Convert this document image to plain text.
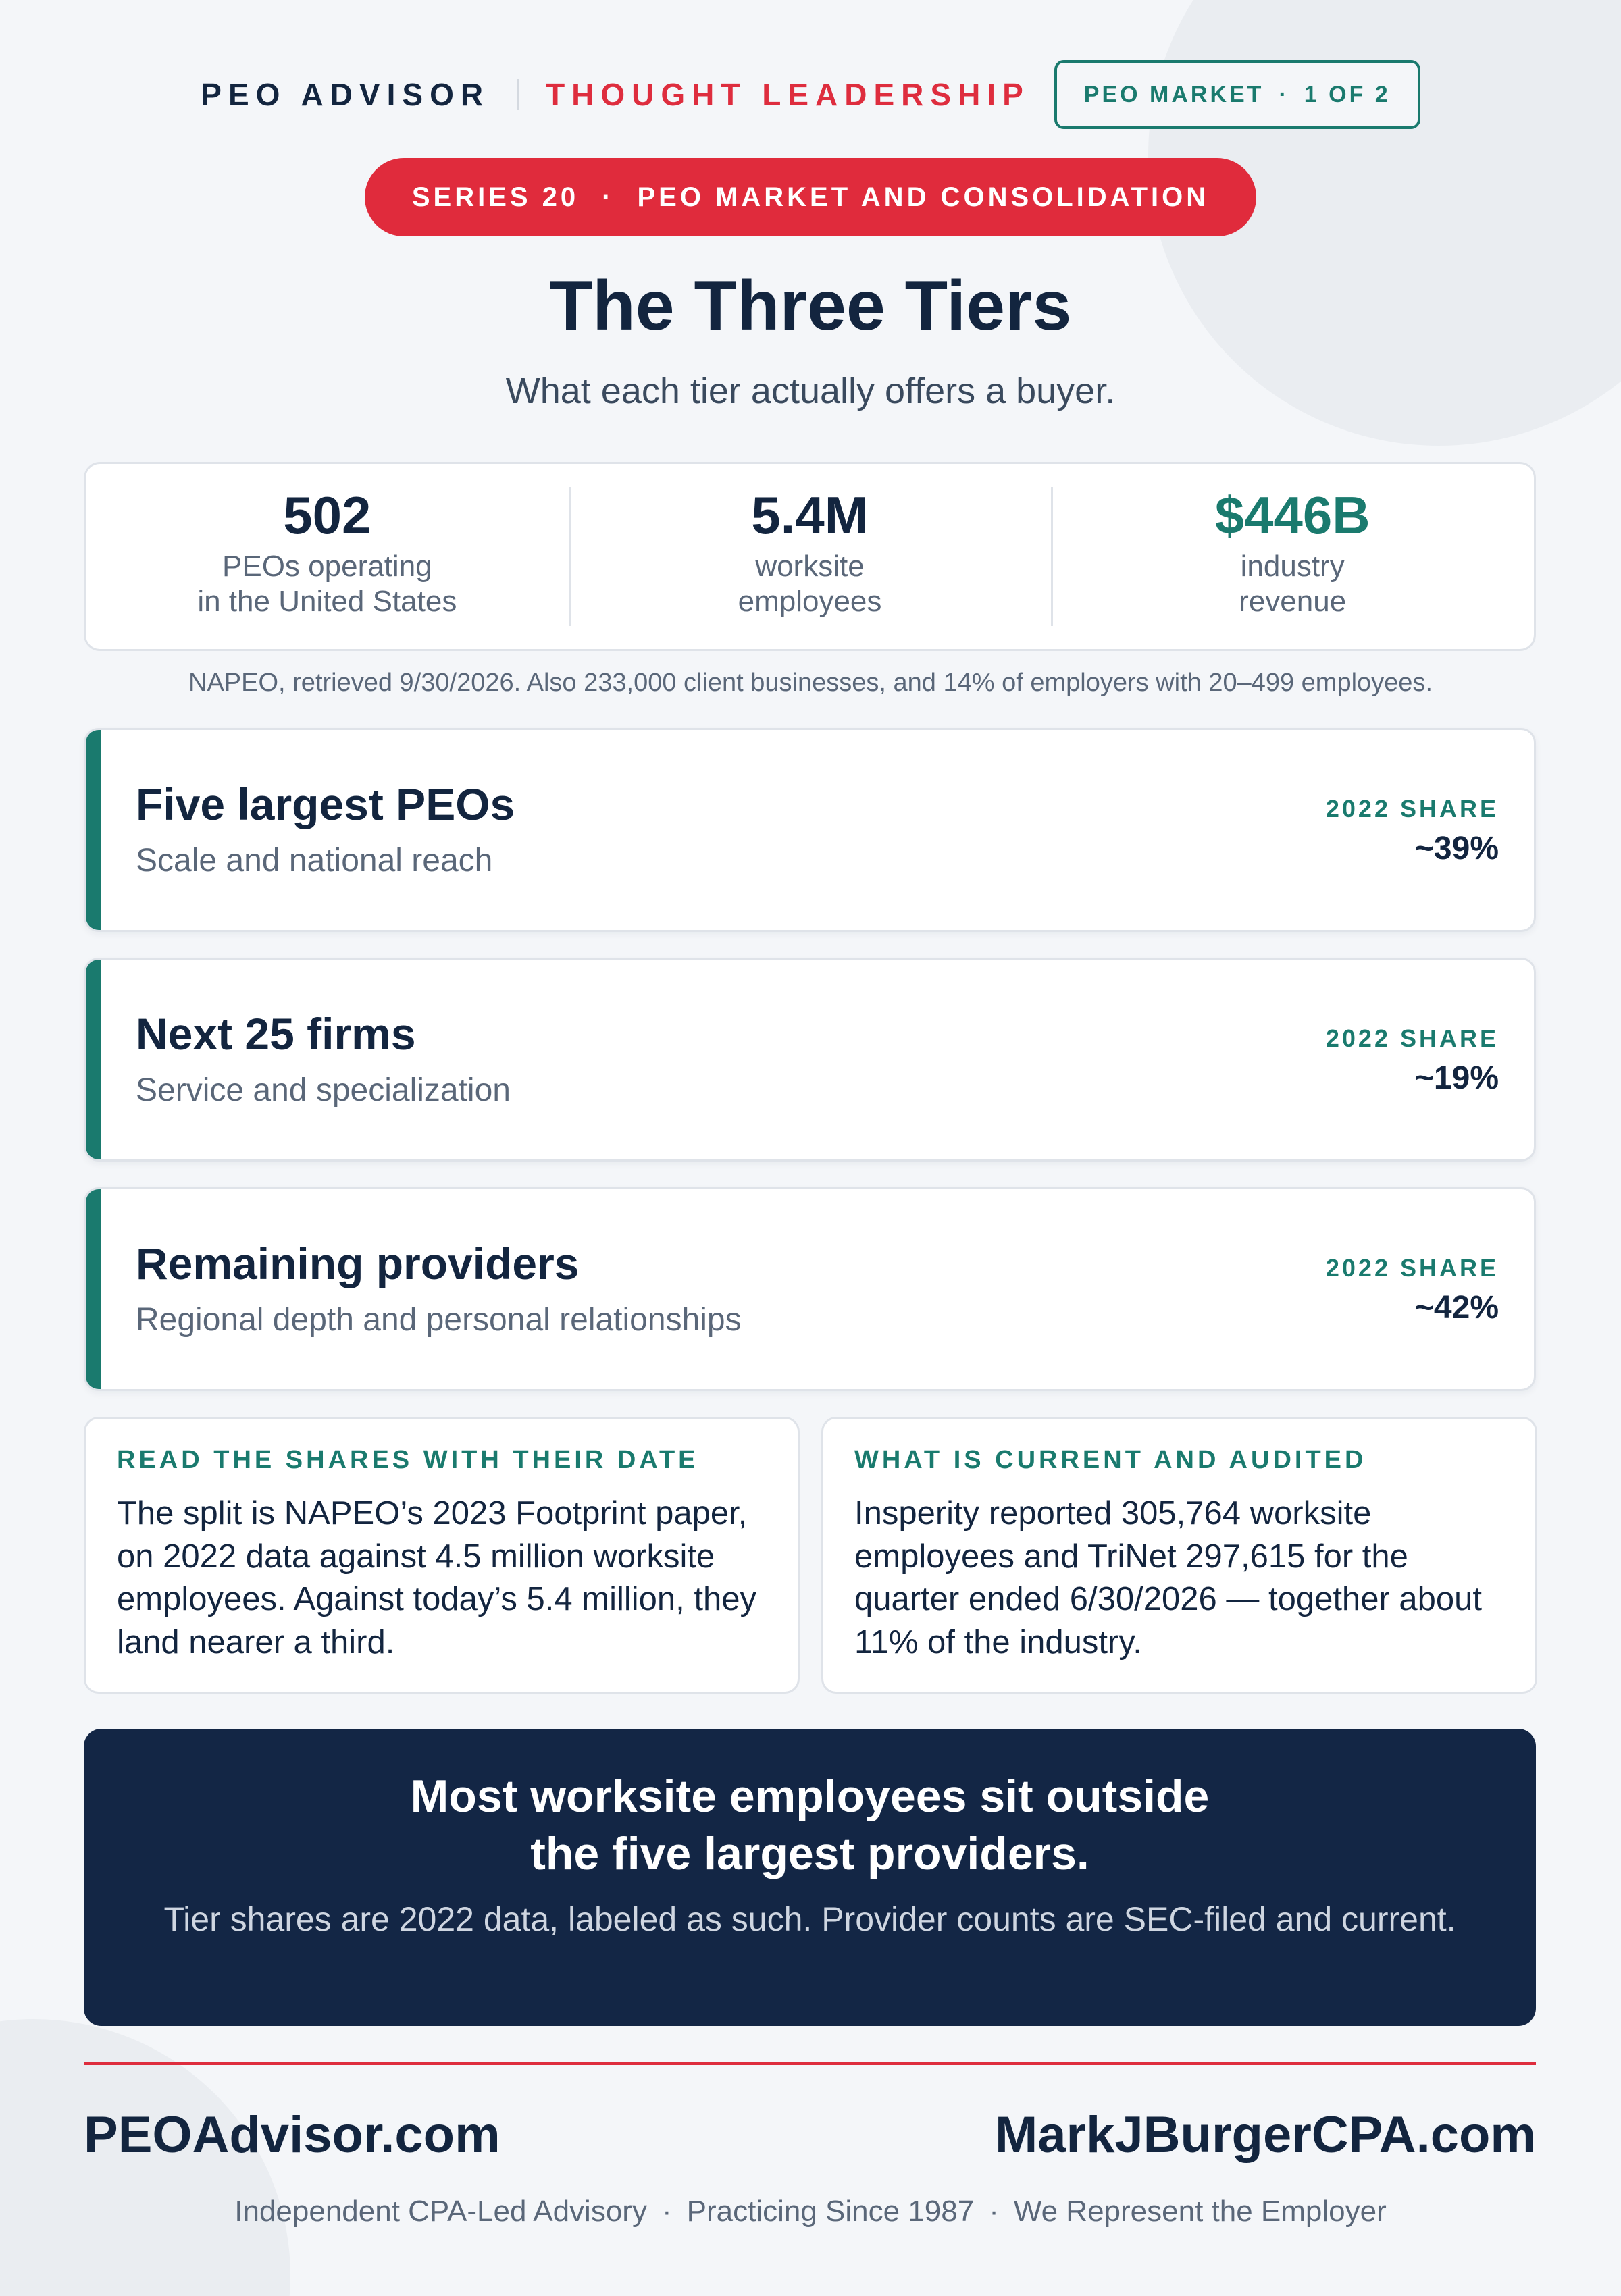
PEO ADVISOR THOUGHT LEADERSHIP PEO MARKET · 1 OF 2
SERIES 20 · PEO MARKET AND CONSOLIDATION
The Three Tiers
What each tier actually offers a buyer.
502
PEOs operating
in the United States
5.4M
worksite
employees
$446B
industry
revenue
NAPEO, retrieved 9/30/2026. Also 233,000 client businesses, and 14% of employers with 20–499 employees.
Five largest PEOs
Scale and national reach
2022 SHARE
~39%
Next 25 firms
Service and specialization
2022 SHARE
~19%
Remaining providers
Regional depth and personal relationships
2022 SHARE
~42%
READ THE SHARES WITH THEIR DATE
The split is NAPEO’s 2023 Footprint paper, on 2022 data against 4.5 million worksite employees. Against today’s 5.4 million, they land nearer a third.
WHAT IS CURRENT AND AUDITED
Insperity reported 305,764 worksite employees and TriNet 297,615 for the quarter ended 6/30/2026 — together about 11% of the industry.
Most worksite employees sit outside
the five largest providers.
Tier shares are 2022 data, labeled as such. Provider counts are SEC-filed and current.
PEOAdvisor.com	MarkJBurgerCPA.com
Independent CPA-Led Advisory · Practicing Since 1987 · We Represent the Employer
